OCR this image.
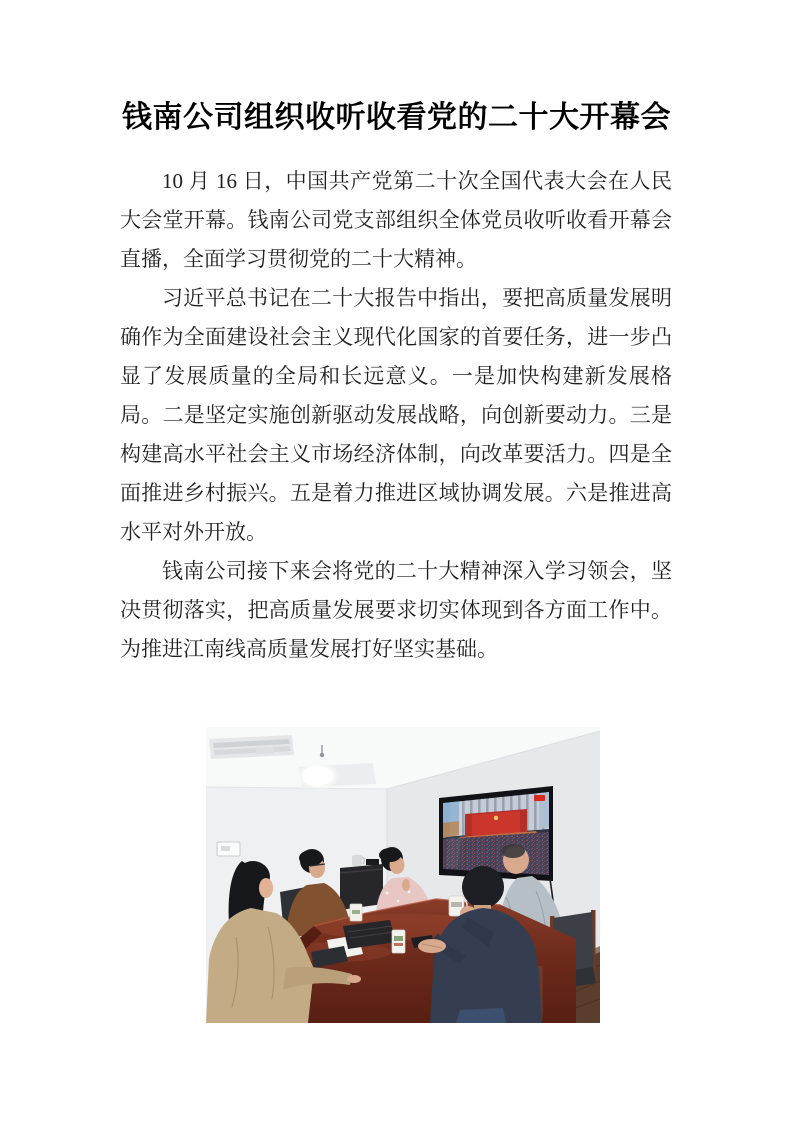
钱南公司组织收听收看党的二十大开幕会

10 月 16 日，中国共产党第二十次全国代表大会在人民大会堂开幕。钱南公司党支部组织全体党员收听收看开幕会直播，全面学习贯彻党的二十大精神。

习近平总书记在二十大报告中指出，要把高质量发展明确作为全面建设社会主义现代化国家的首要任务，进一步凸显了发展质量的全局和长远意义。一是加快构建新发展格局。二是坚定实施创新驱动发展战略，向创新要动力。三是构建高水平社会主义市场经济体制，向改革要活力。四是全面推进乡村振兴。五是着力推进区域协调发展。六是推进高水平对外开放。

钱南公司接下来会将党的二十大精神深入学习领会，坚决贯彻落实，把高质量发展要求切实体现到各方面工作中。为推进江南线高质量发展打好坚实基础。
